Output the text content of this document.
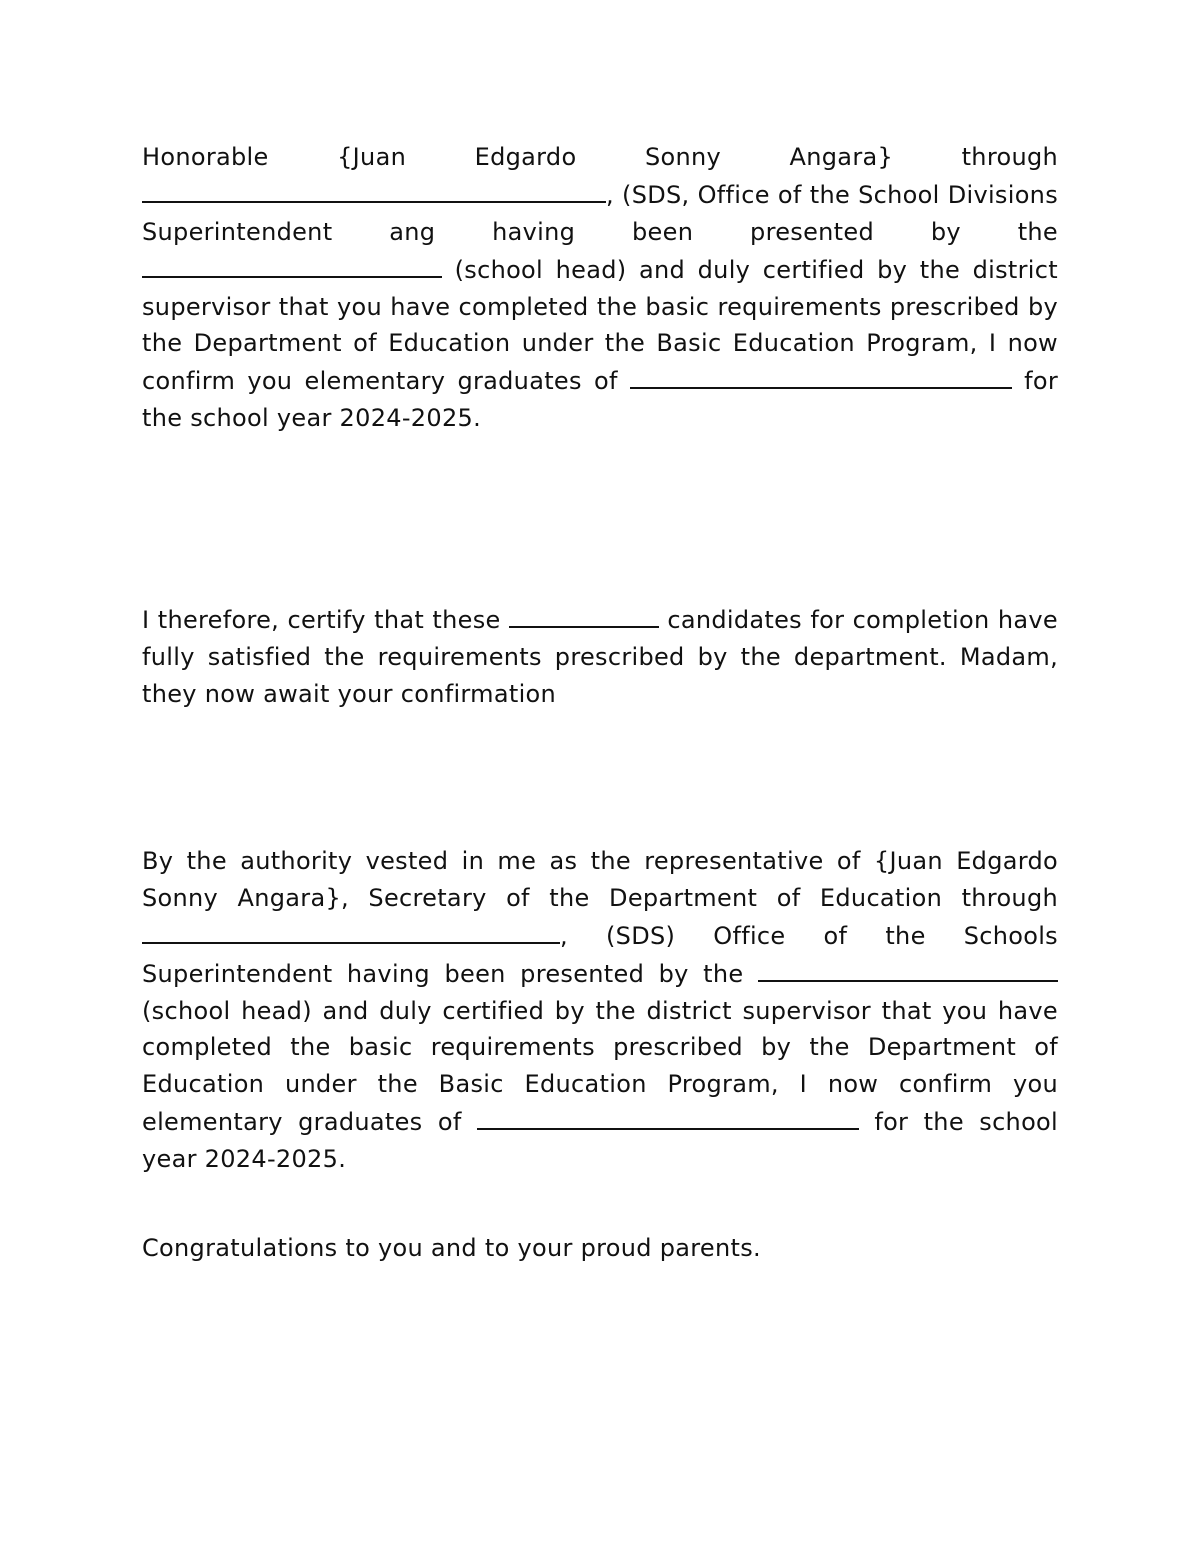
Honorable {Juan Edgardo Sonny Angara} through , (SDS, Office of the School Divisions Superintendent ang having been presented by the  (school head) and duly certified by the district supervisor that you have completed the basic requirements prescribed by the Department of Education under the Basic Education Program, I now confirm you elementary graduates of	for the school year 2024-2025.

I therefore, certify that these	candidates for completion have fully satisfied the requirements prescribed by the department. Madam, they now await your confirmation

By the authority vested in me as the representative of {Juan Edgardo Sonny Angara}, Secretary of the Department of Education through , (SDS) Office of the Schools Superintendent having been presented by the  (school head) and duly certified by the district supervisor that you have completed the basic requirements prescribed by the Department of Education under the Basic Education Program, I now confirm you elementary graduates of	for the school year 2024-2025.

Congratulations to you and to your proud parents.
